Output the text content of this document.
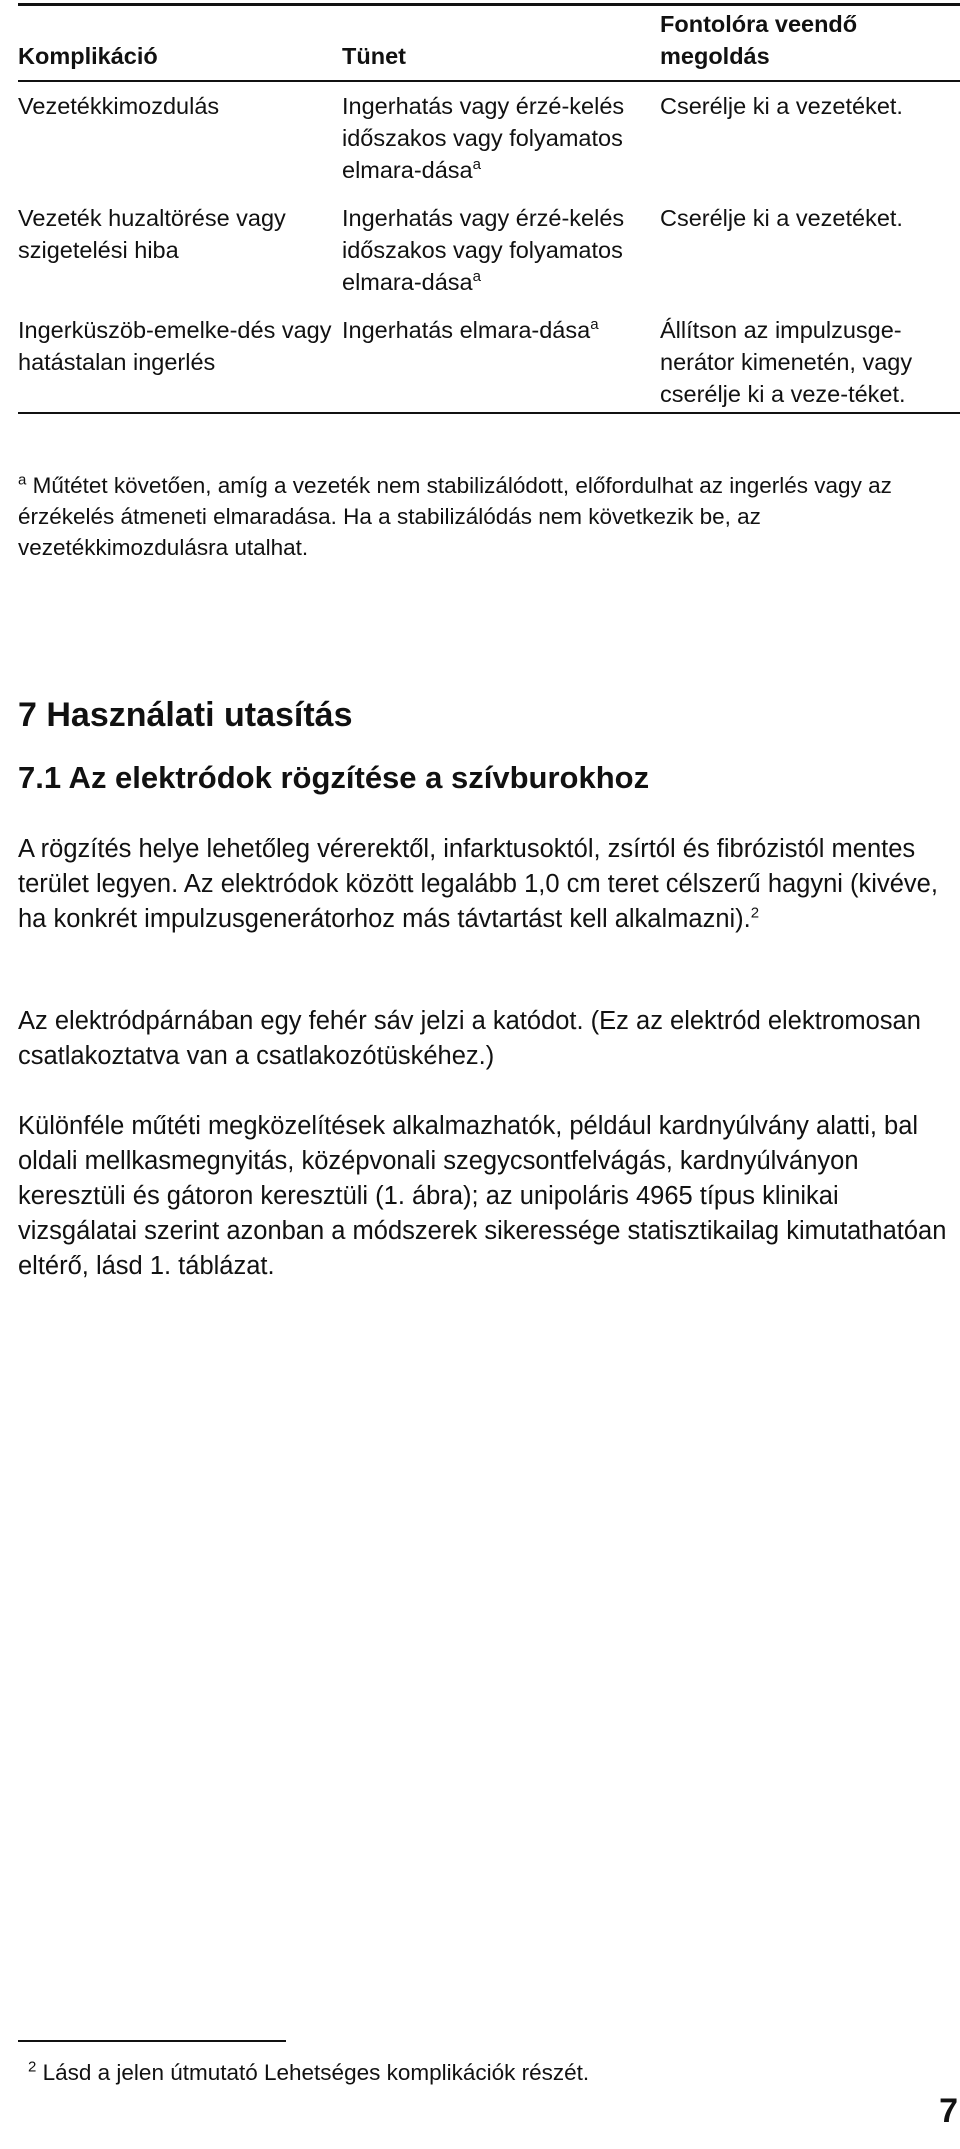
Komplikáció	Tünet	Fontolóra veendő megoldás
Vezetékkimozdulás	Ingerhatás vagy érzé-kelés időszakos vagy folyamatos elmara-dása$^a$	Cserélje ki a vezetéket.
Vezeték huzaltörése vagy szigetelési hiba	Ingerhatás vagy érzé-kelés időszakos vagy folyamatos elmara-dása$^a$	Cserélje ki a vezetéket.
Ingerküszöb-emelke-dés vagy hatástalan ingerlés	Ingerhatás elmara-dása$^a$	Állítson az impulzusge-nerátor kimenetén, vagy cserélje ki a veze-téket.
$^a$ Műtétet követően, amíg a vezeték nem stabilizálódott, előfordulhat az ingerlés vagy az érzékelés átmeneti elmaradása. Ha a stabilizálódás nem következik be, az vezetékkimozdulásra utalhat.
7 Használati utasítás
7.1 Az elektródok rögzítése a szívburokhoz

A rögzítés helye lehetőleg vérerektől, infarktusoktól, zsírtól és fibrózistól mentes terület legyen. Az elektródok között legalább 1,0 cm teret célszerű hagyni (kivéve, ha konkrét impulzusgenerátorhoz más távtartást kell alkalmazni).$^2$

Az elektródpárnában egy fehér sáv jelzi a katódot. (Ez az elektród elektromosan csatlakoztatva van a csatlakozótüskéhez.)

Különféle műtéti megközelítések alkalmazhatók, például kardnyúlvány alatti, bal oldali mellkasmegnyitás, középvonali szegycsontfelvágás, kardnyúlványon keresztüli és gátoron keresztüli (1. ábra); az unipoláris 4965 típus klinikai vizsgálatai szerint azonban a módszerek sikeressége statisztikailag kimutathatóan eltérő, lásd 1. táblázat.

$^2$ Lásd a jelen útmutató Lehetséges komplikációk részét.
7
